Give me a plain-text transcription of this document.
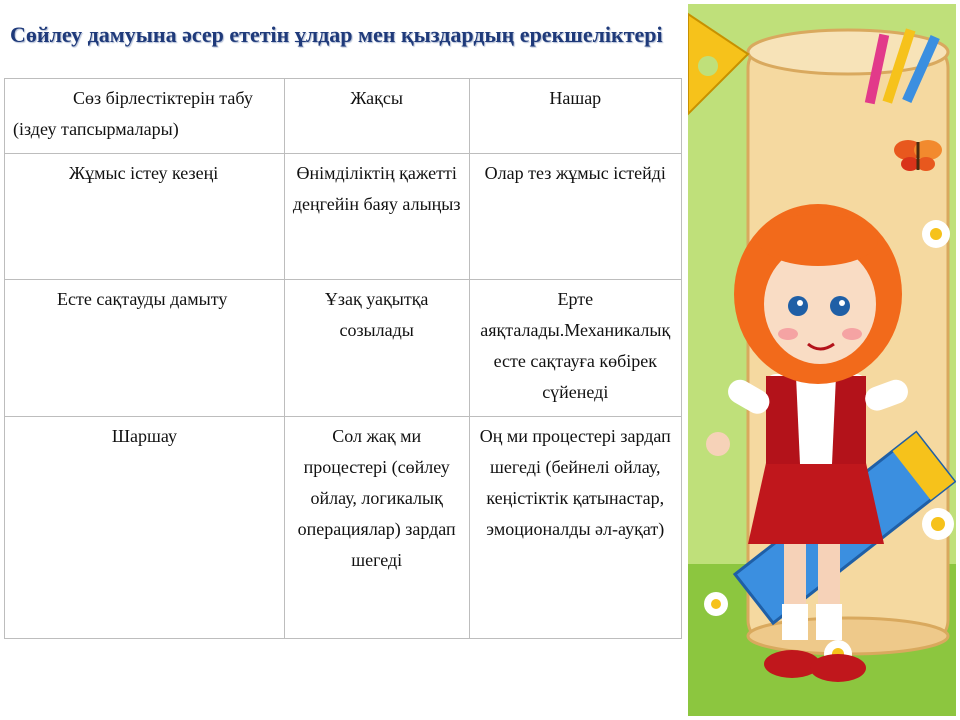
Сөйлеу дамуына әсер ететін ұлдар мен қыздардың ерекшеліктері
Сөз бірлестіктерін табу (іздеу тапсырмалары)	Жақсы	Нашар
Жұмыс істеу кезеңі	Өнімділіктің қажетті деңгейін баяу алыңыз	Олар тез жұмыс істейді
Есте сақтауды дамыту	Ұзақ уақытқа созылады	Ерте аяқталады.Механикалық есте сақтауға көбірек сүйенеді
Шаршау	Сол жақ ми процестері (сөйлеу ойлау, логикалық операциялар) зардап шегеді	Оң ми процестері зардап шегеді (бейнелі ойлау, кеңістіктік қатынастар, эмоционалды әл-ауқат)
